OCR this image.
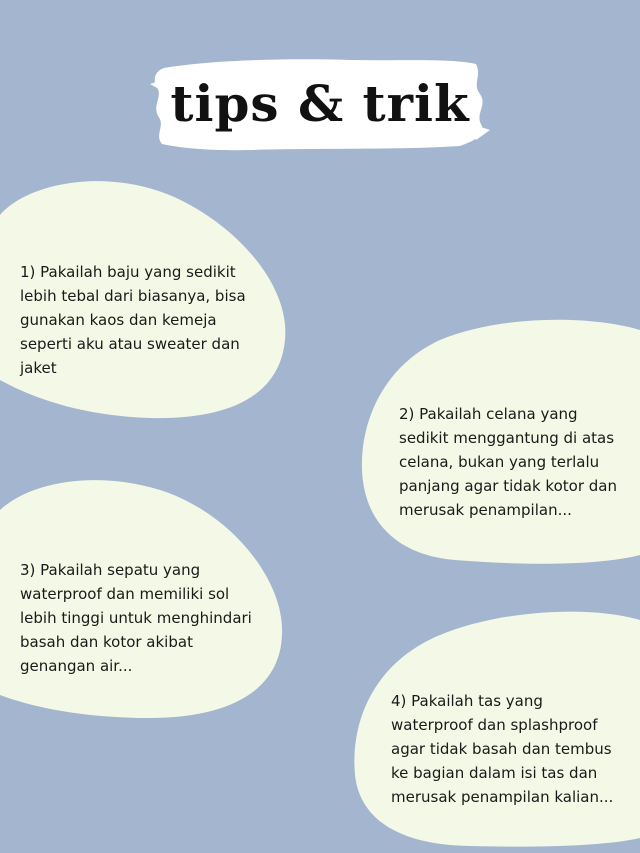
tips & trik

1) Pakailah baju yang sedikit lebih tebal dari biasanya, bisa gunakan kaos dan kemeja seperti aku atau sweater dan jaket

2) Pakailah celana yang sedikit menggantung di atas celana, bukan yang terlalu panjang agar tidak kotor dan merusak penampilan...

3) Pakailah sepatu yang waterproof dan memiliki sol lebih tinggi untuk menghindari basah dan kotor akibat genangan air...

4) Pakailah tas yang waterproof dan splashproof agar tidak basah dan tembus ke bagian dalam isi tas dan merusak penampilan kalian...
